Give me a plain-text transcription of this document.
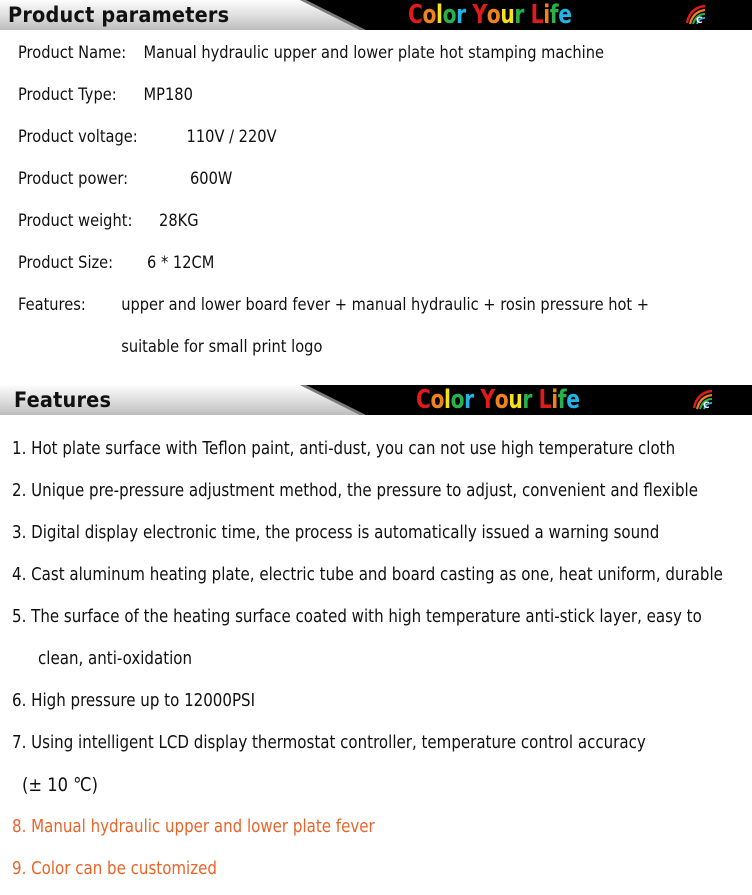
Product parameters	Color Your Life	C
Product Name: Manual hydraulic upper and lower plate hot stamping machine
Product Type: MP180
Product voltage:	110V / 220V
Product power:	600W
Product weight: 28KG
Product Size: 6 * 12CM
Features: upper and lower board fever + manual hydraulic + rosin pressure hot +
suitable for small print logo
Features	Color Your Life	C
1. Hot plate surface with Teflon paint, anti-dust, you can not use high temperature cloth
2. Unique pre-pressure adjustment method, the pressure to adjust, convenient and flexible
3. Digital display electronic time, the process is automatically issued a warning sound
4. Cast aluminum heating plate, electric tube and board casting as one, heat uniform, durable
5. The surface of the heating surface coated with high temperature anti-stick layer, easy to
clean, anti-oxidation
6. High pressure up to 12000PSI
7. Using intelligent LCD display thermostat controller, temperature control accuracy
(± 10 ℃)
8. Manual hydraulic upper and lower plate fever
9. Color can be customized
